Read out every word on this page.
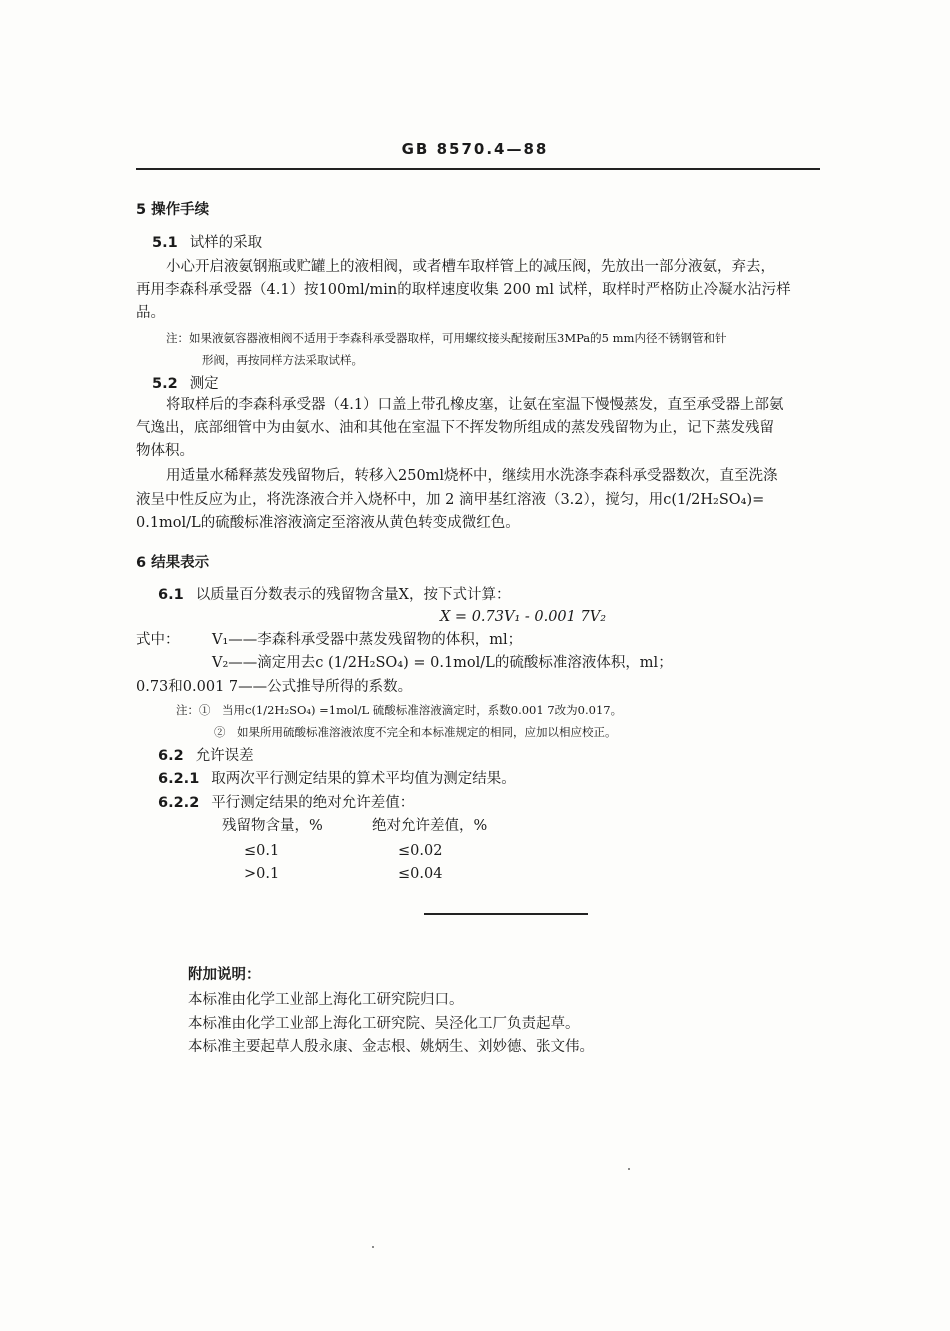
GB 8570.4—88
5 操作手续
5.1 试样的采取
小心开启液氨钢瓶或贮罐上的液相阀，或者槽车取样管上的减压阀，先放出一部分液氨，弃去，
再用李森科承受器（4.1）按100ml/min的取样速度收集 200 ml 试样，取样时严格防止冷凝水沾污样
品。
注：如果液氨容器液相阀不适用于李森科承受器取样，可用螺纹接头配接耐压3MPa的5 mm内径不锈钢管和针
形阀，再按同样方法采取试样。
5.2 测定
将取样后的李森科承受器（4.1）口盖上带孔橡皮塞，让氨在室温下慢慢蒸发，直至承受器上部氨
气逸出，底部细管中为由氨水、油和其他在室温下不挥发物所组成的蒸发残留物为止，记下蒸发残留
物体积。
用适量水稀释蒸发残留物后，转移入250ml烧杯中，继续用水洗涤李森科承受器数次，直至洗涤
液呈中性反应为止，将洗涤液合并入烧杯中，加 2 滴甲基红溶液（3.2），搅匀，用c(1/2H₂SO₄)=
0.1mol/L的硫酸标准溶液滴定至溶液从黄色转变成微红色。
6 结果表示
6.1 以质量百分数表示的残留物含量X，按下式计算：
X = 0.73V₁ - 0.001 7V₂
式中： V₁——李森科承受器中蒸发残留物的体积，ml；
V₂——滴定用去c (1/2H₂SO₄) = 0.1mol/L的硫酸标准溶液体积，ml；
0.73和0.001 7——公式推导所得的系数。
注：①　当用c(1/2H₂SO₄) =1mol/L 硫酸标准溶液滴定时，系数0.001 7改为0.017。
②　如果所用硫酸标准溶液浓度不完全和本标准规定的相同，应加以相应校正。
6.2 允许误差
6.2.1 取两次平行测定结果的算术平均值为测定结果。
6.2.2 平行测定结果的绝对允许差值：
残留物含量，%	绝对允许差值，%
≤0.1	≤0.02
>0.1	≤0.04
附加说明：
本标准由化学工业部上海化工研究院归口。
本标准由化学工业部上海化工研究院、吴泾化工厂负责起草。
本标准主要起草人殷永康、金志根、姚炳生、刘妙德、张文伟。
